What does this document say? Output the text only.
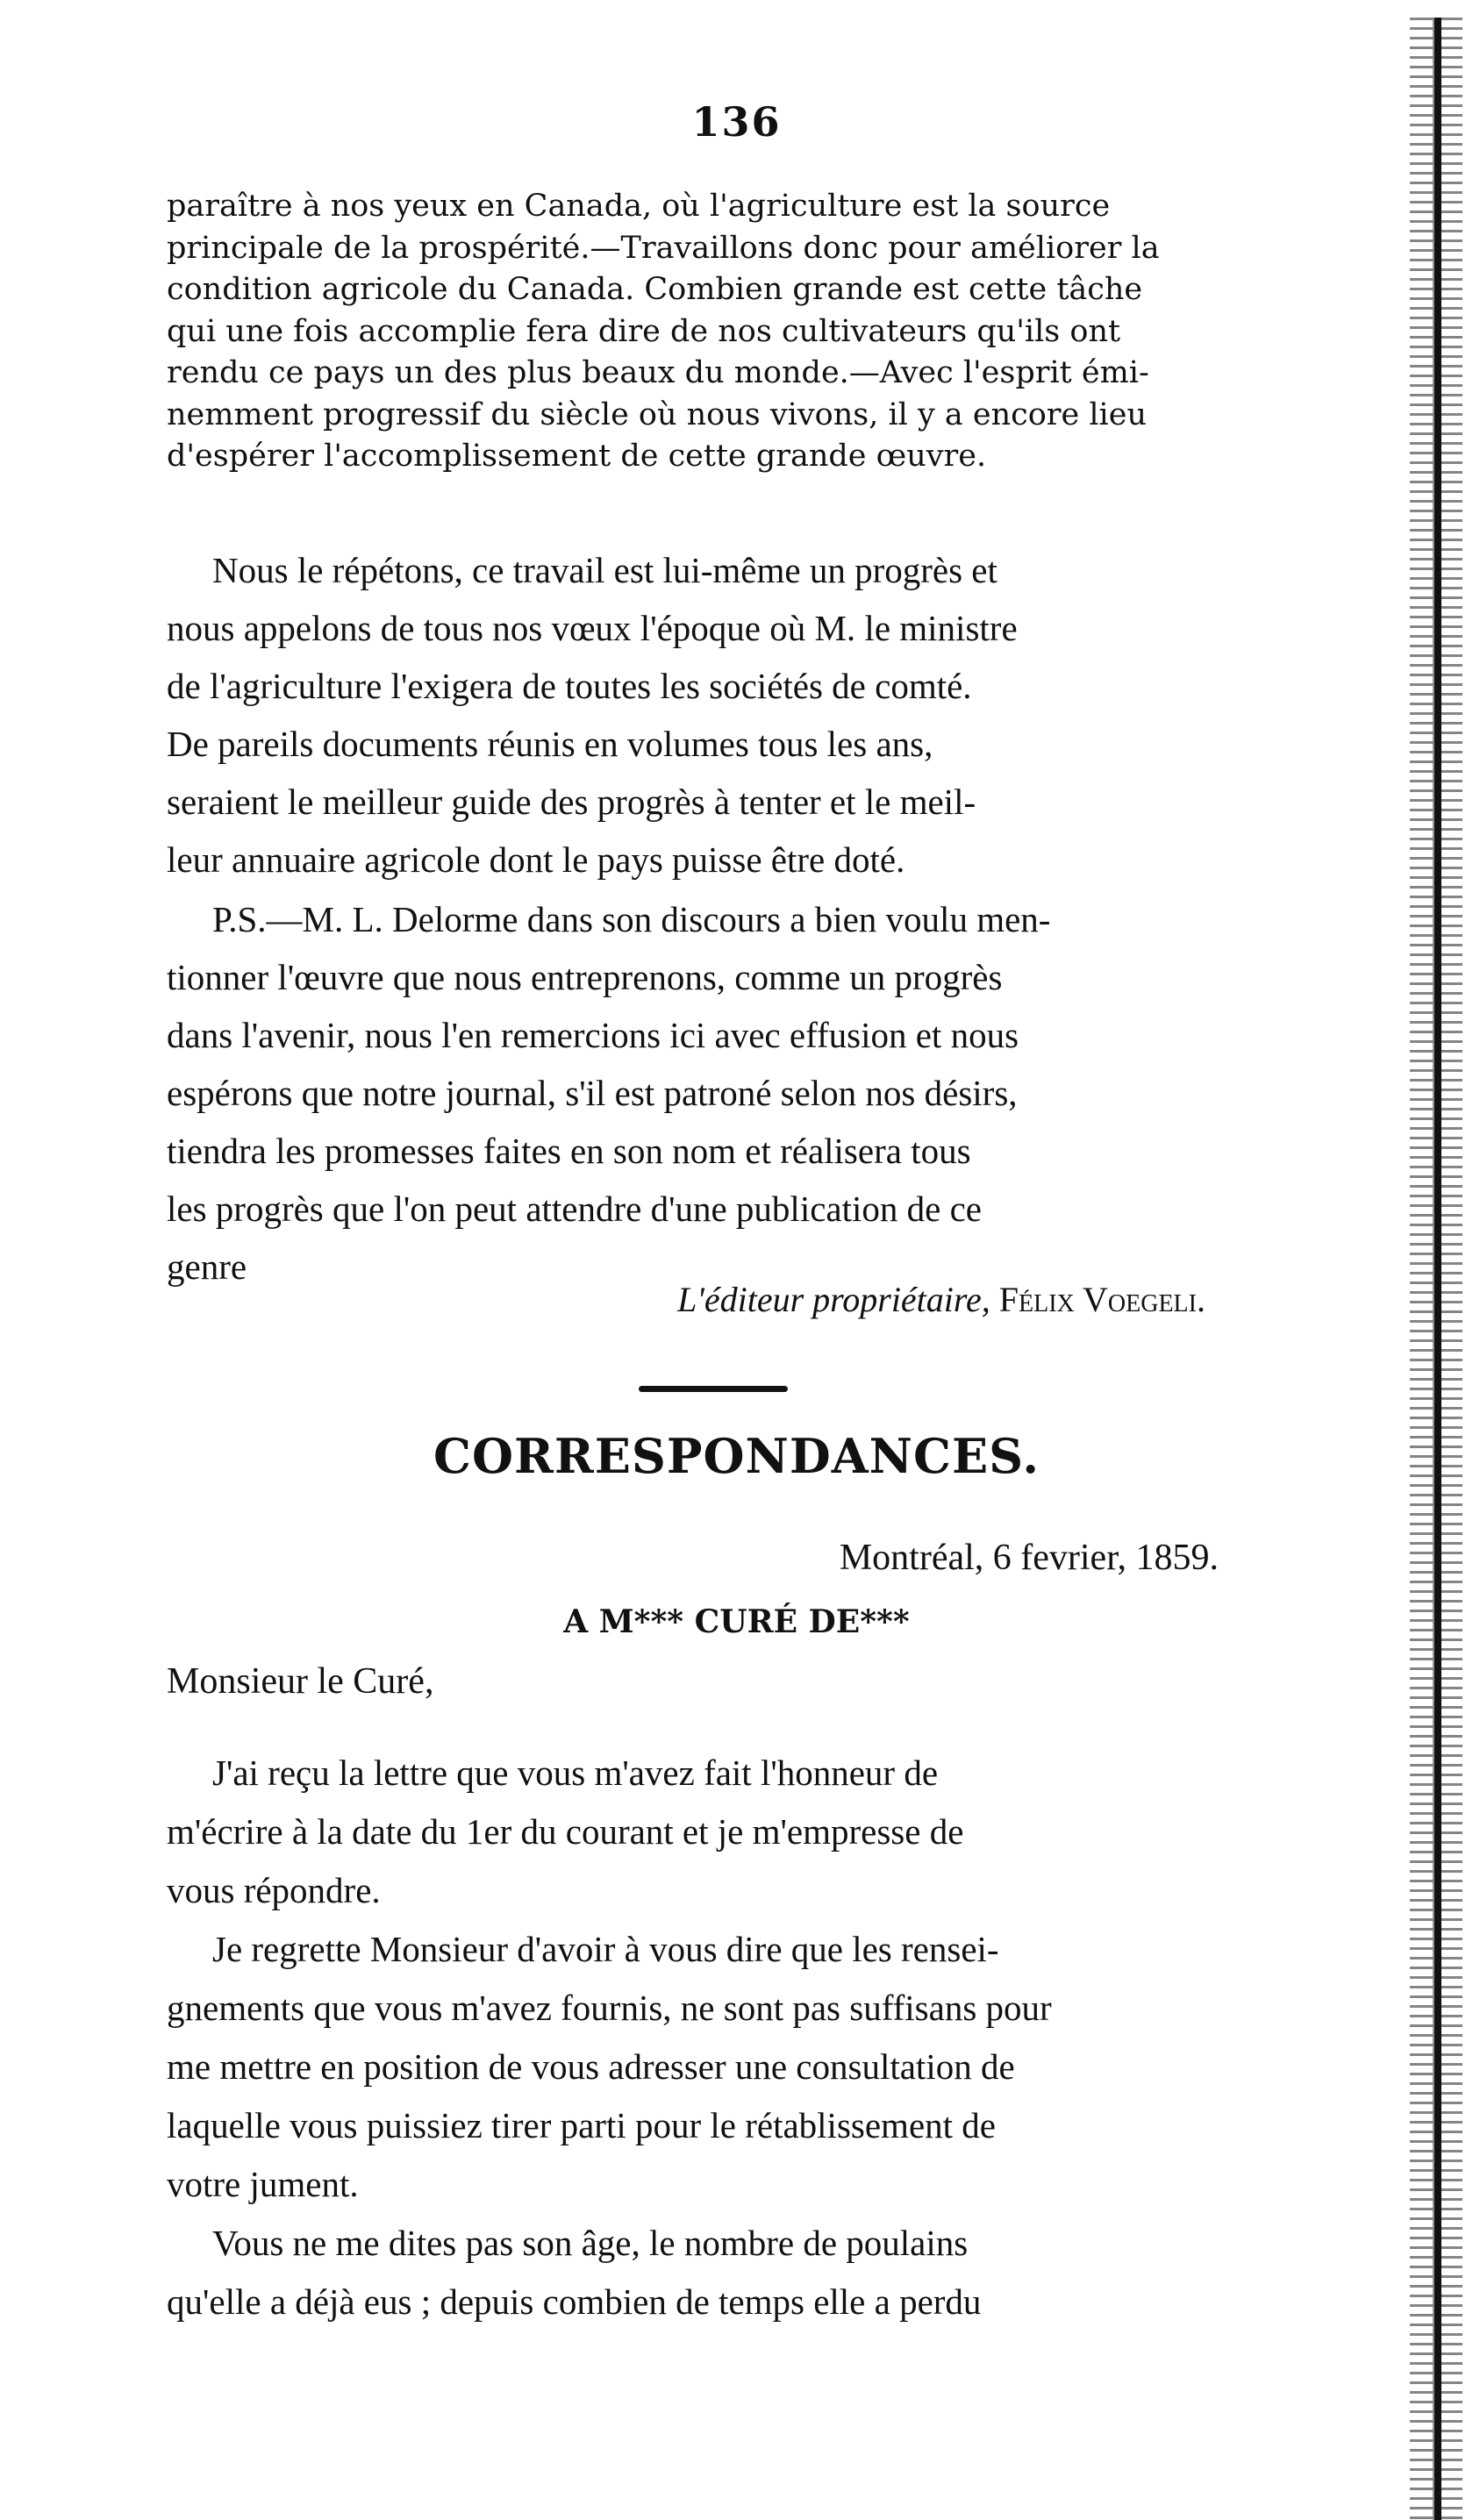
136
paraître à nos yeux en Canada, où l'agriculture est la source
principale de la prospérité.—Travaillons donc pour améliorer la
condition agricole du Canada. Combien grande est cette tâche
qui une fois accomplie fera dire de nos cultivateurs qu'ils ont
rendu ce pays un des plus beaux du monde.—Avec l'esprit émi-
nemment progressif du siècle où nous vivons, il y a encore lieu
d'espérer l'accomplissement de cette grande œuvre.
Nous le répétons, ce travail est lui-même un progrès et
nous appelons de tous nos vœux l'époque où M. le ministre
de l'agriculture l'exigera de toutes les sociétés de comté.
De pareils documents réunis en volumes tous les ans,
seraient le meilleur guide des progrès à tenter et le meil-
leur annuaire agricole dont le pays puisse être doté.
P.S.—M. L. Delorme dans son discours a bien voulu men-
tionner l'œuvre que nous entreprenons, comme un progrès
dans l'avenir, nous l'en remercions ici avec effusion et nous
espérons que notre journal, s'il est patroné selon nos désirs,
tiendra les promesses faites en son nom et réalisera tous
les progrès que l'on peut attendre d'une publication de ce
genre
L'éditeur propriétaire, Félix Voegeli.
CORRESPONDANCES.
Montréal, 6 fevrier, 1859.
A M*** CURÉ DE***
Monsieur le Curé,
J'ai reçu la lettre que vous m'avez fait l'honneur de
m'écrire à la date du 1er du courant et je m'empresse de
vous répondre.
Je regrette Monsieur d'avoir à vous dire que les rensei-
gnements que vous m'avez fournis, ne sont pas suffisans pour
me mettre en position de vous adresser une consultation de
laquelle vous puissiez tirer parti pour le rétablissement de
votre jument.
Vous ne me dites pas son âge, le nombre de poulains
qu'elle a déjà eus ; depuis combien de temps elle a perdu
